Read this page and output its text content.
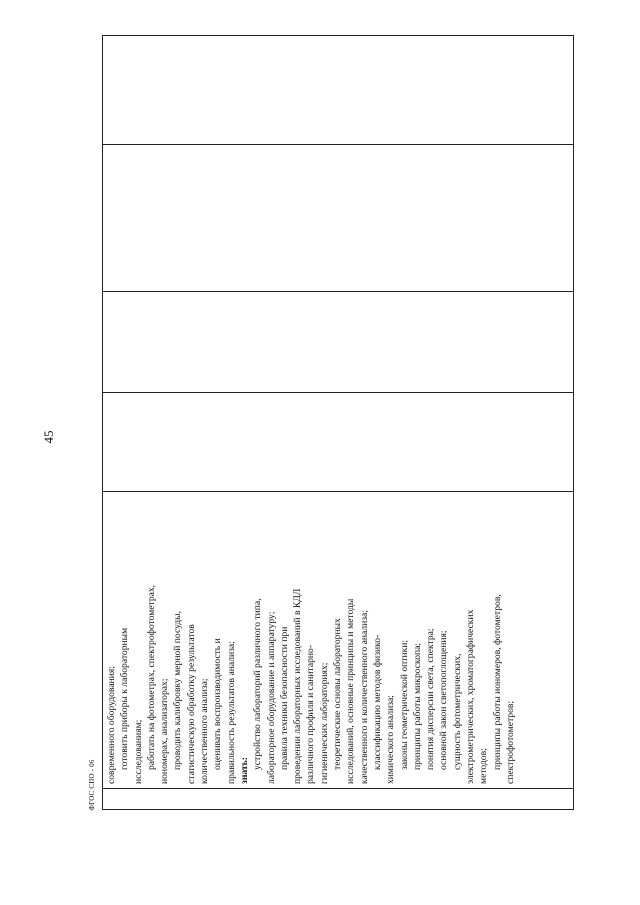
45
ФГОС СПО - 06

современного оборудования; готовить приборы к лабораторным исследованиям; работать на фотометрах, спектрофотометрах, иономерах, анализаторах; проводить калибровку мерной посуды, статистическую обработку результатов количественного анализа; оценивать воспроизводимость и правильность результатов анализа; знать:
устройство лабораторий различного типа, лабораторное оборудование и аппаратуру; правила техники безопасности при проведении лабораторных исследований в КДЛ различного профиля и санитарно- гигиенических лабораториях; теоретические основы лабораторных исследований, основные принципы и методы качественного и количественного анализа; классификацию методов физико- химического анализа; законы геометрической оптики; принципы работы микроскопа; понятия дисперсии света, спектра; основной закон светопоглощения; сущность фотометрических, электрометрических, хроматографических методов; принципы работы иономеров, фотометров, спектрофотометров;
